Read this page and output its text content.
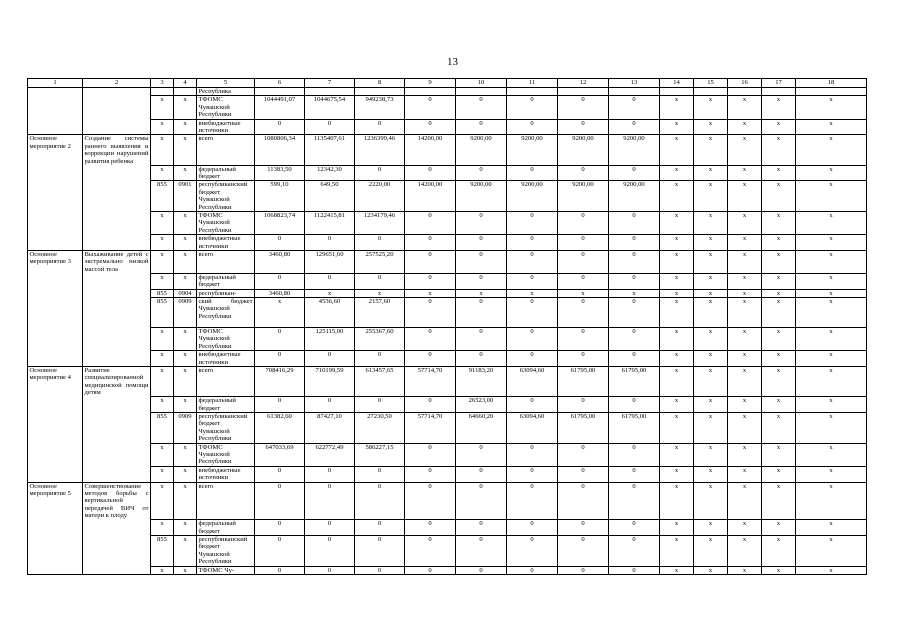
13
1	2	3	4	5	6	7	8	9	10	11	12	13	14	15	16	17	18
				Республика													
		х	х	ТФОМС Чувашской Республики	1044491,07	1044675,54	949238,73	0	0	0	0	0	х	х	х	х	х
		х	х	внебюджетные источники	0	0	0	0	0	0	0	0	х	х	х	х	х
Основное мероприятие 2	Создание системы раннего выявления и коррекции нарушений развития ребенка	х	х	всего	1080806,34	1135407,61	1236399,46	14200,00	9200,00	9200,00	9200,00	9200,00	х	х	х	х	х
		х	х	федеральный бюджет	11383,50	12342,30	0	0	0	0	0	0	х	х	х	х	х
		855	0901	республиканский бюджет Чувашской Республики	599,10	649,50	2220,00	14200,00	9200,00	9200,00	9200,00	9200,00	х	х	х	х	х
		х	х	ТФОМС Чувашской Республики	1068823,74	1122415,81	1234179,46	0	0	0	0	0	х	х	х	х	х
		х	х	внебюджетные источники	0	0	0	0	0	0	0	0	х	х	х	х	х
Основное мероприятие 3	Выхаживание детей с экстремально низкой массой тела	х	х	всего	3460,80	129651,60	257525,20	0	0	0	0	0	х	х	х	х	х
		х	х	федеральный бюджет	0	0	0	0	0	0	0	0	х	х	х	х	х
		855	0904	республикан-	3460,80	х	х	х	х	х	х	х	х	х	х	х	х
		855	0909	ский бюджет Чувашской Республики	х	4536,60	2157,60	0	0	0	0	0	х	х	х	х	х
		х	х	ТФОМС Чувашской Республики	0	125115,00	255367,60	0	0	0	0	0	х	х	х	х	х
		х	х	внебюджетные источники	0	0	0	0	0	0	0	0	х	х	х	х	х
Основное мероприятие 4	Развитие специализированной медицинской помощи детям	х	х	всего	708416,29	710199,59	613457,65	57714,70	91183,20	63094,60	61795,00	61795,00	х	х	х	х	х
		х	х	федеральный бюджет	0	0	0	0	26523,00	0	0	0	х	х	х	х	х
		855	0909	республиканский бюджет Чувашской Республики	61382,60	87427,10	27230,50	57714,70	64660,20	63094,60	61795,00	61795,00	х	х	х	х	х
		х	х	ТФОМС Чувашской Республики	647033,69	622772,49	586227,15	0	0	0	0	0	х	х	х	х	х
		х	х	внебюджетные источники	0	0	0	0	0	0	0	0	х	х	х	х	х
Основное мероприятие 5	Совершенствование методов борьбы с вертикальной передачей ВИЧ от матери к плоду	х	х	всего	0	0	0	0	0	0	0	0	х	х	х	х	х
		х	х	федеральный бюджет	0	0	0	0	0	0	0	0	х	х	х	х	х
		855	х	республиканский бюджет Чувашской Республики	0	0	0	0	0	0	0	0	х	х	х	х	х
		х	х	ТФОМС Чу-	0	0	0	0	0	0	0	0	х	х	х	х	х
